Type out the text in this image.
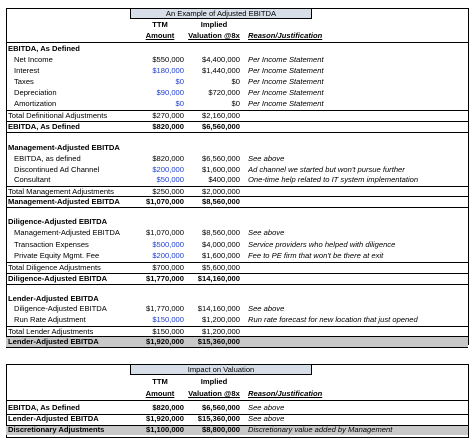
An Example of Adjusted EBITDA
TTM	Implied
Amount	Valuation @8x Reason/Justification
EBITDA, As Defined
Net Income	$550,000	$4,400,000 Per Income Statement
Interest	$180,000	$1,440,000 Per Income Statement
Taxes	$0	$0 Per Income Statement
Depreciation	$90,000	$720,000 Per Income Statement
Amortization	$0	$0 Per Income Statement
Total Definitional Adjustments	$270,000	$2,160,000
EBITDA, As Defined	$820,000	$6,560,000
Management-Adjusted EBITDA
EBITDA, as defined	$820,000	$6,560,000 See above
Discontinued Ad Channel	$200,000	$1,600,000 Ad channel we started but won't pursue further
Consultant	$50,000	$400,000 One-time help related to IT system implementation
Total Management Adjustments	$250,000	$2,000,000
Management-Adjusted EBITDA	$1,070,000	$8,560,000
Diligence-Adjusted EBITDA
Management-Adjusted EBITDA	$1,070,000	$8,560,000 See above
Transaction Expenses	$500,000	$4,000,000 Service providers who helped with diligence
Private Equity Mgmt. Fee	$200,000	$1,600,000 Fee to PE firm that won't be there at exit
Total Diligence Adjustments	$700,000	$5,600,000
Diligence-Adjusted EBITDA	$1,770,000	$14,160,000
Lender-Adjusted EBITDA
Diligence-Adjusted EBITDA	$1,770,000	$14,160,000 See above
Run Rate Adjustment	$150,000	$1,200,000 Run rate forecast for new location that just opened
Total Lender Adjustments	$150,000	$1,200,000
Lender-Adjusted EBITDA	$1,920,000	$15,360,000
Impact on Valuation
TTM	Implied
Amount	Valuation @8x Reason/Justification
EBITDA, As Defined	$820,000	$6,560,000 See above
Lender-Adjusted EBITDA	$1,920,000	$15,360,000 See above
Discretionary Adjustments	$1,100,000	$8,800,000 Discretionary value added by Management
